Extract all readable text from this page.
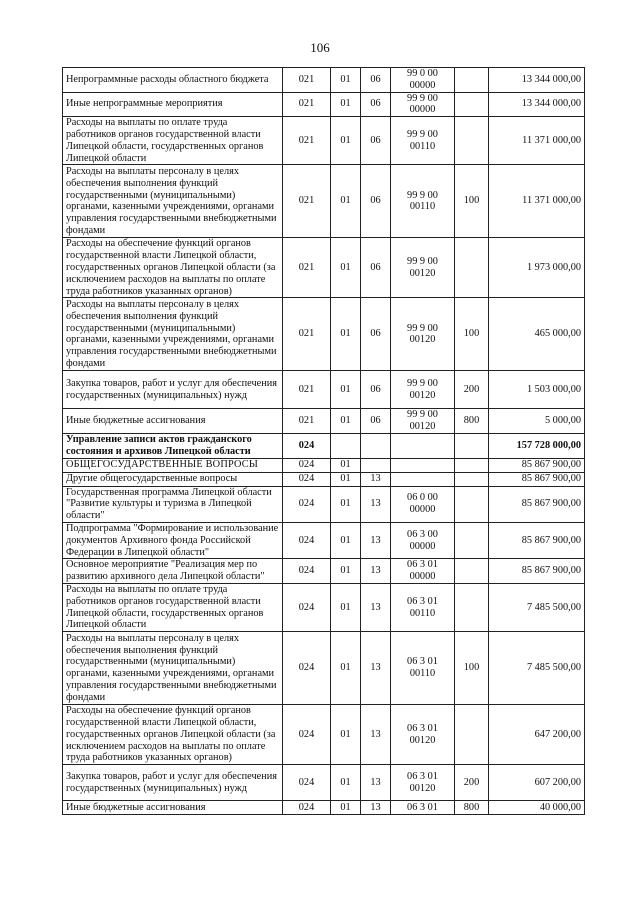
106
Непрограммные расходы областного бюджета	021	01	06	99 0 00 00000		13 344 000,00
Иные непрограммные мероприятия	021	01	06	99 9 00 00000		13 344 000,00
Расходы на выплаты по оплате труда работников органов государственной власти Липецкой области, государственных органов Липецкой области	021	01	06	99 9 00 00110		11 371 000,00
Расходы на выплаты персоналу в целях обеспечения выполнения функций государственными (муниципальными) органами, казенными учреждениями, органами управления государственными внебюджетными фондами	021	01	06	99 9 00 00110	100	11 371 000,00
Расходы на обеспечение функций органов государственной власти Липецкой области, государственных органов Липецкой области (за исключением расходов на выплаты по оплате труда работников указанных органов)	021	01	06	99 9 00 00120		1 973 000,00
Расходы на выплаты персоналу в целях обеспечения выполнения функций государственными (муниципальными) органами, казенными учреждениями, органами управления государственными внебюджетными фондами	021	01	06	99 9 00 00120	100	465 000,00
Закупка товаров, работ и услуг для обеспечения государственных (муниципальных) нужд	021	01	06	99 9 00 00120	200	1 503 000,00
Иные бюджетные ассигнования	021	01	06	99 9 00 00120	800	5 000,00
Управление записи актов гражданского состояния и архивов Липецкой области	024					157 728 000,00
ОБЩЕГОСУДАРСТВЕННЫЕ ВОПРОСЫ	024	01				85 867 900,00
Другие общегосударственные вопросы	024	01	13			85 867 900,00
Государственная программа Липецкой области "Развитие культуры и туризма в Липецкой области"	024	01	13	06 0 00 00000		85 867 900,00
Подпрограмма "Формирование и использование документов Архивного фонда Российской Федерации в Липецкой области"	024	01	13	06 3 00 00000		85 867 900,00
Основное мероприятие "Реализация мер по развитию архивного дела Липецкой области"	024	01	13	06 3 01 00000		85 867 900,00
Расходы на выплаты по оплате труда работников органов государственной власти Липецкой области, государственных органов Липецкой области	024	01	13	06 3 01 00110		7 485 500,00
Расходы на выплаты персоналу в целях обеспечения выполнения функций государственными (муниципальными) органами, казенными учреждениями, органами управления государственными внебюджетными фондами	024	01	13	06 3 01 00110	100	7 485 500,00
Расходы на обеспечение функций органов государственной власти Липецкой области, государственных органов Липецкой области (за исключением расходов на выплаты по оплате труда работников указанных органов)	024	01	13	06 3 01 00120		647 200,00
Закупка товаров, работ и услуг для обеспечения государственных (муниципальных) нужд	024	01	13	06 3 01 00120	200	607 200,00
Иные бюджетные ассигнования	024	01	13	06 3 01	800	40 000,00
